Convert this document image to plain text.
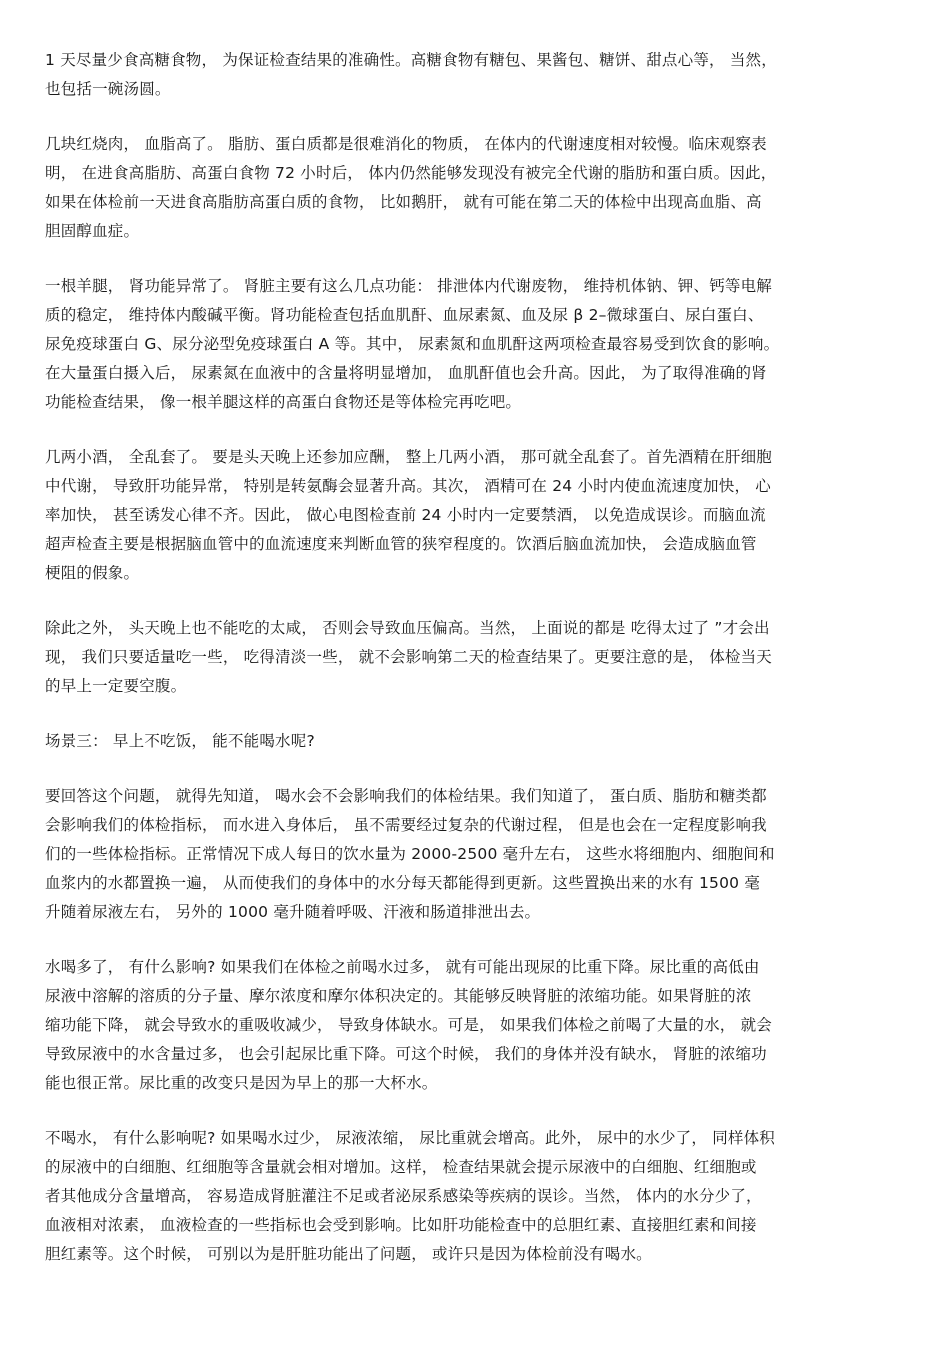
1 天尽量少食高糖食物， 为保证检查结果的准确性。高糖食物有糖包、果酱包、糖饼、甜点心等， 当然，
也包括一碗汤圆。
几块红烧肉， 血脂高了。 脂肪、蛋白质都是很难消化的物质， 在体内的代谢速度相对较慢。临床观察表
明， 在进食高脂肪、高蛋白食物 72 小时后， 体内仍然能够发现没有被完全代谢的脂肪和蛋白质。因此，
如果在体检前一天进食高脂肪高蛋白质的食物， 比如鹅肝， 就有可能在第二天的体检中出现高血脂、高
胆固醇血症。
一根羊腿， 肾功能异常了。 肾脏主要有这么几点功能： 排泄体内代谢废物， 维持机体钠、钾、钙等电解
质的稳定， 维持体内酸碱平衡。肾功能检查包括血肌酐、血尿素氮、血及尿 β 2–微球蛋白、尿白蛋白、
尿免疫球蛋白 G、尿分泌型免疫球蛋白 A 等。其中， 尿素氮和血肌酐这两项检查最容易受到饮食的影响。
在大量蛋白摄入后， 尿素氮在血液中的含量将明显增加， 血肌酐值也会升高。因此， 为了取得准确的肾
功能检查结果， 像一根羊腿这样的高蛋白食物还是等体检完再吃吧。
几两小酒， 全乱套了。 要是头天晚上还参加应酬， 整上几两小酒， 那可就全乱套了。首先酒精在肝细胞
中代谢， 导致肝功能异常， 特别是转氨酶会显著升高。其次， 酒精可在 24 小时内使血流速度加快， 心
率加快， 甚至诱发心律不齐。因此， 做心电图检查前 24 小时内一定要禁酒， 以免造成误诊。而脑血流
超声检查主要是根据脑血管中的血流速度来判断血管的狭窄程度的。饮酒后脑血流加快， 会造成脑血管
梗阻的假象。
除此之外， 头天晚上也不能吃的太咸， 否则会导致血压偏高。当然， 上面说的都是 吃得太过了 ”才会出
现， 我们只要适量吃一些， 吃得清淡一些， 就不会影响第二天的检查结果了。更要注意的是， 体检当天
的早上一定要空腹。
场景三： 早上不吃饭， 能不能喝水呢?
要回答这个问题， 就得先知道， 喝水会不会影响我们的体检结果。我们知道了， 蛋白质、脂肪和糖类都
会影响我们的体检指标， 而水进入身体后， 虽不需要经过复杂的代谢过程， 但是也会在一定程度影响我
们的一些体检指标。正常情况下成人每日的饮水量为 2000-2500 毫升左右， 这些水将细胞内、细胞间和
血浆内的水都置换一遍， 从而使我们的身体中的水分每天都能得到更新。这些置换出来的水有 1500 毫
升随着尿液左右， 另外的 1000 毫升随着呼吸、汗液和肠道排泄出去。
水喝多了， 有什么影响? 如果我们在体检之前喝水过多， 就有可能出现尿的比重下降。尿比重的高低由
尿液中溶解的溶质的分子量、摩尔浓度和摩尔体积决定的。其能够反映肾脏的浓缩功能。如果肾脏的浓
缩功能下降， 就会导致水的重吸收减少， 导致身体缺水。可是， 如果我们体检之前喝了大量的水， 就会
导致尿液中的水含量过多， 也会引起尿比重下降。可这个时候， 我们的身体并没有缺水， 肾脏的浓缩功
能也很正常。尿比重的改变只是因为早上的那一大杯水。
不喝水， 有什么影响呢? 如果喝水过少， 尿液浓缩， 尿比重就会增高。此外， 尿中的水少了， 同样体积
的尿液中的白细胞、红细胞等含量就会相对增加。这样， 检查结果就会提示尿液中的白细胞、红细胞或
者其他成分含量增高， 容易造成肾脏灌注不足或者泌尿系感染等疾病的误诊。当然， 体内的水分少了，
血液相对浓素， 血液检查的一些指标也会受到影响。比如肝功能检查中的总胆红素、直接胆红素和间接
胆红素等。这个时候， 可别以为是肝脏功能出了问题， 或许只是因为体检前没有喝水。
